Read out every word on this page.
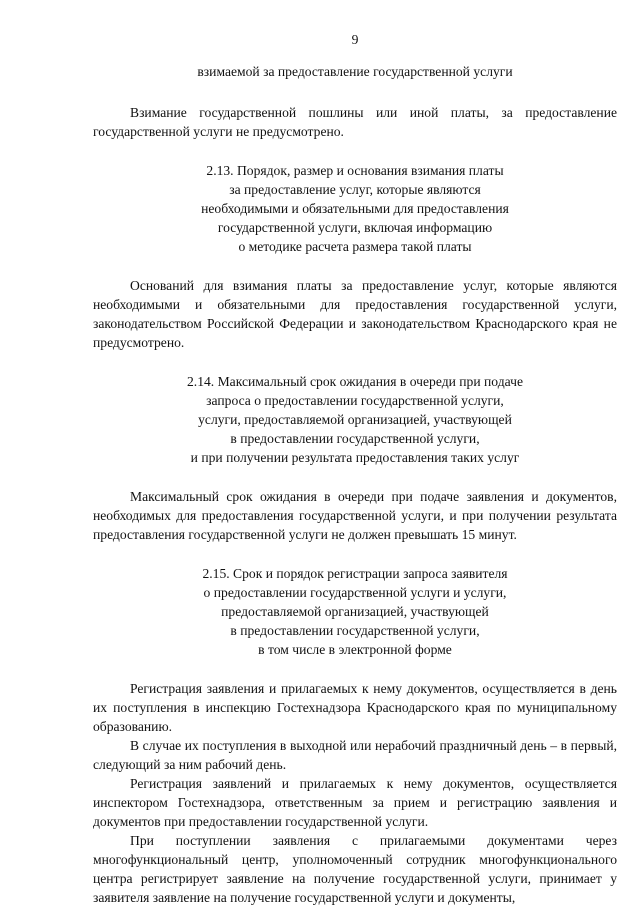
9

взимаемой за предоставление государственной услуги

Взимание государственной пошлины или иной платы, за предоставление государственной услуги не предусмотрено.

2.13. Порядок, размер и основания взимания платы

за предоставление услуг, которые являются

необходимыми и обязательными для предоставления

государственной услуги, включая информацию

о методике расчета размера такой платы

Оснований для взимания платы за предоставление услуг, которые являются необходимыми и обязательными для предоставления государственной услуги, законодательством Российской Федерации и законодательством Краснодарского края не предусмотрено.

2.14. Максимальный срок ожидания в очереди при подаче

запроса о предоставлении государственной услуги,

услуги, предоставляемой организацией, участвующей

в предоставлении государственной услуги,

и при получении результата предоставления таких услуг

Максимальный срок ожидания в очереди при подаче заявления и документов, необходимых для предоставления государственной услуги, и при получении результата предоставления государственной услуги не должен превышать 15 минут.

2.15. Срок и порядок регистрации запроса заявителя

о предоставлении государственной услуги и услуги,

предоставляемой организацией, участвующей

в предоставлении государственной услуги,

в том числе в электронной форме

Регистрация заявления и прилагаемых к нему документов, осуществляется в день их поступления в инспекцию Гостехнадзора Краснодарского края по муниципальному образованию.

В случае их поступления в выходной или нерабочий праздничный день – в первый, следующий за ним рабочий день.

Регистрация заявлений и прилагаемых к нему документов, осуществляется инспектором Гостехнадзора, ответственным за прием и регистрацию заявления и документов при предоставлении государственной услуги.

При поступлении заявления с прилагаемыми документами через многофункциональный центр, уполномоченный сотрудник многофункционального центра регистрирует заявление на получение государственной услуги, принимает у заявителя заявление на получение государственной услуги и документы,
